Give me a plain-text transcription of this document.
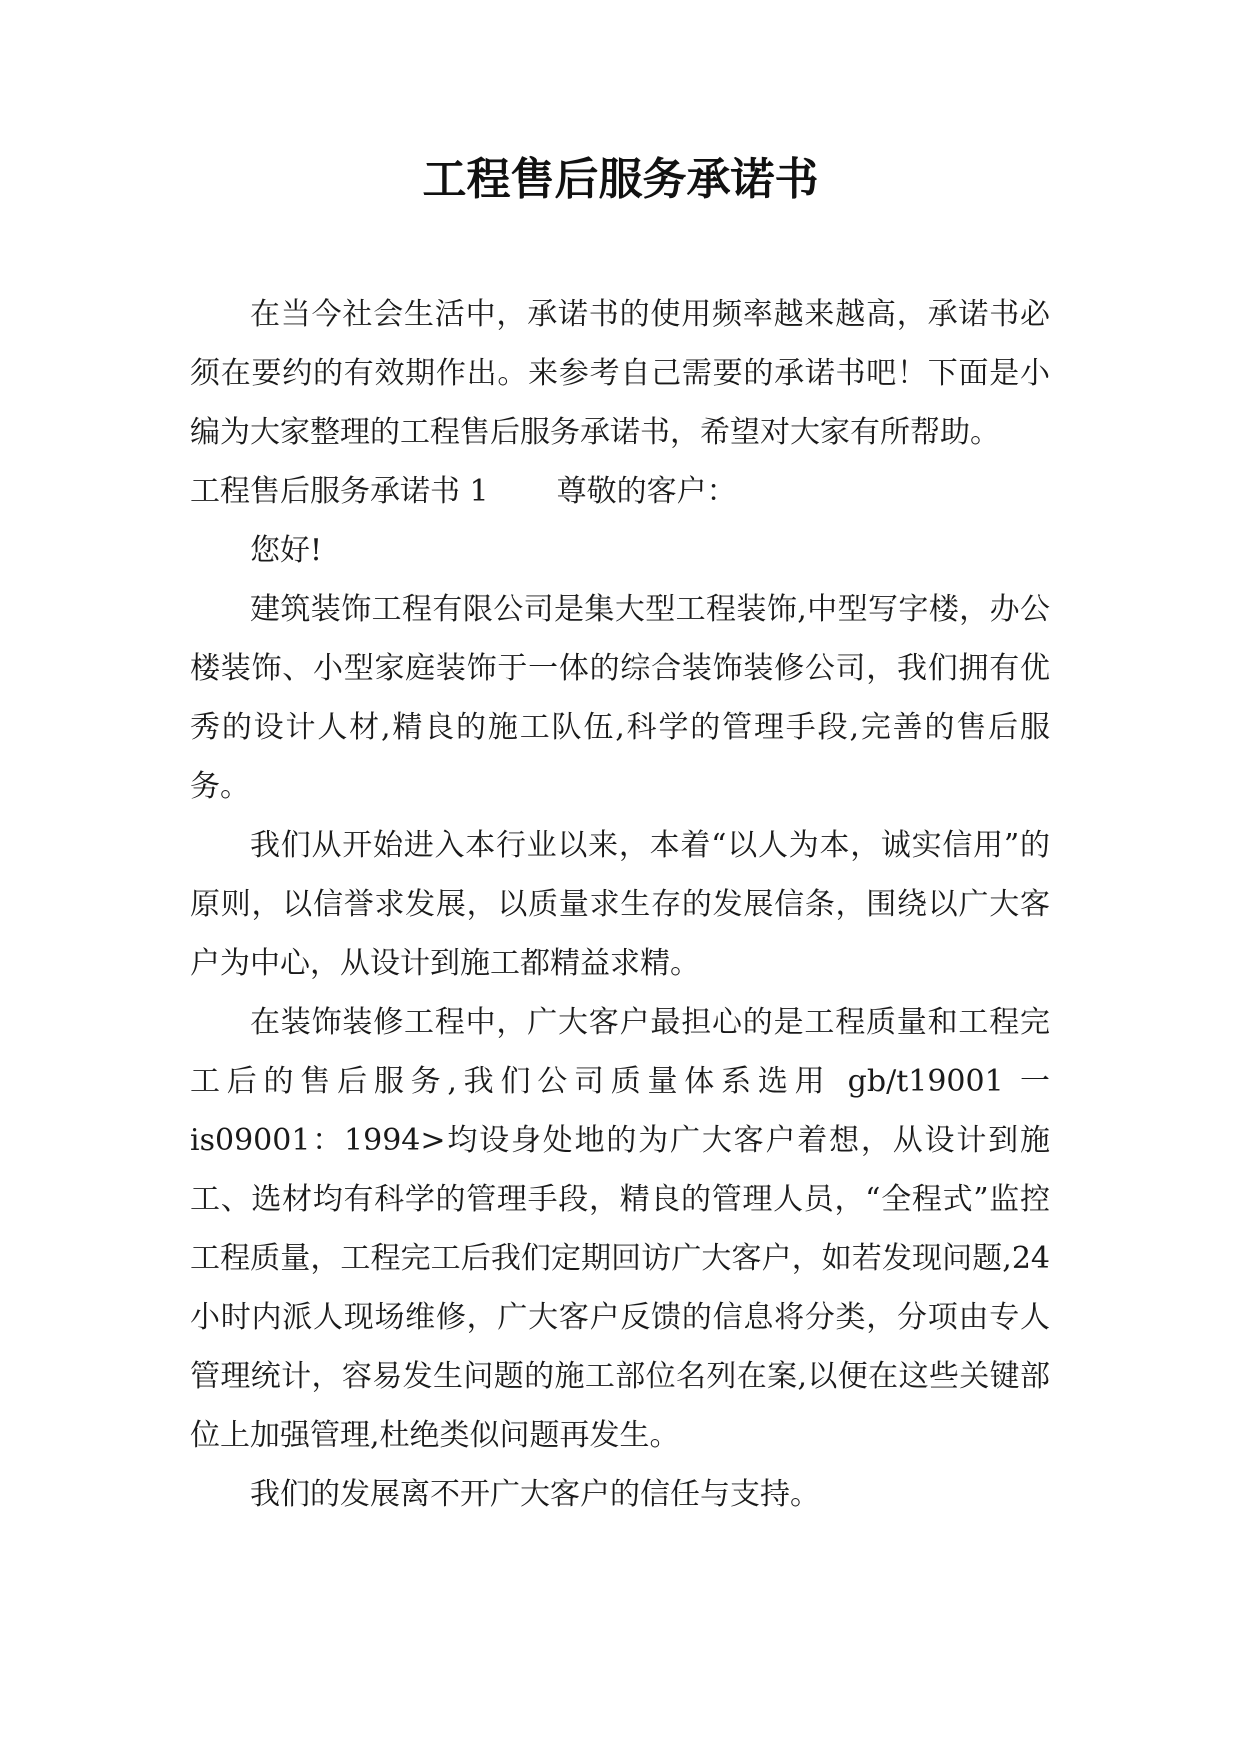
工程售后服务承诺书

在当今社会生活中，承诺书的使用频率越来越高，承诺书必须在要约的有效期作出。来参考自己需要的承诺书吧！下面是小编为大家整理的工程售后服务承诺书，希望对大家有所帮助。

工程售后服务承诺书 1 尊敬的客户：

您好!

建筑装饰工程有限公司是集大型工程装饰,中型写字楼，办公楼装饰、小型家庭装饰于一体的综合装饰装修公司，我们拥有优秀的设计人材,精良的施工队伍,科学的管理手段,完善的售后服务。

我们从开始进入本行业以来，本着“以人为本，诚实信用”的原则，以信誉求发展，以质量求生存的发展信条，围绕以广大客户为中心，从设计到施工都精益求精。

在装饰装修工程中，广大客户最担心的是工程质量和工程完工后的售后服务,我们公司质量体系选用 gb/t19001 一is09001：1994>均设身处地的为广大客户着想，从设计到施工、选材均有科学的管理手段，精良的管理人员，“全程式”监控工程质量，工程完工后我们定期回访广大客户，如若发现问题,24 小时内派人现场维修，广大客户反馈的信息将分类，分项由专人管理统计，容易发生问题的施工部位名列在案,以便在这些关键部位上加强管理,杜绝类似问题再发生。

我们的发展离不开广大客户的信任与支持。
